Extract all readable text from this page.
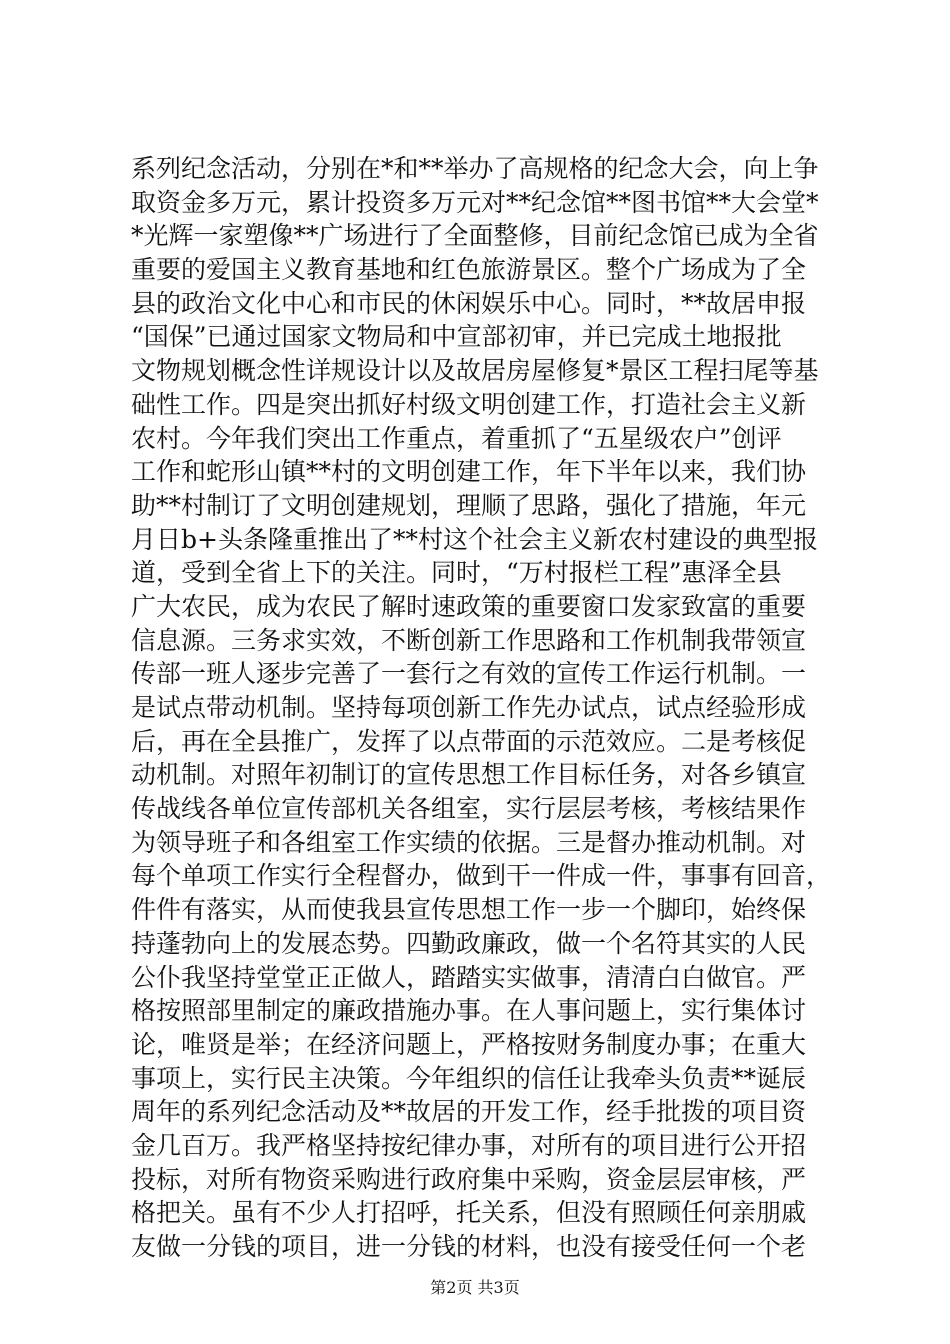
系列纪念活动，分别在*和**举办了高规格的纪念大会，向上争
取资金多万元，累计投资多万元对**纪念馆**图书馆**大会堂*
*光辉一家塑像**广场进行了全面整修，目前纪念馆已成为全省
重要的爱国主义教育基地和红色旅游景区。整个广场成为了全
县的政治文化中心和市民的休闲娱乐中心。同时，**故居申报
“国保”已通过国家文物局和中宣部初审，并已完成土地报批
文物规划概念性详规设计以及故居房屋修复*景区工程扫尾等基
础性工作。四是突出抓好村级文明创建工作，打造社会主义新
农村。今年我们突出工作重点，着重抓了“五星级农户”创评
工作和蛇形山镇**村的文明创建工作，年下半年以来，我们协
助**村制订了文明创建规划，理顺了思路，强化了措施，年元
月日b+头条隆重推出了**村这个社会主义新农村建设的典型报
道，受到全省上下的关注。同时，“万村报栏工程”惠泽全县
广大农民，成为农民了解时速政策的重要窗口发家致富的重要
信息源。三务求实效，不断创新工作思路和工作机制我带领宣
传部一班人逐步完善了一套行之有效的宣传工作运行机制。一
是试点带动机制。坚持每项创新工作先办试点，试点经验形成
后，再在全县推广，发挥了以点带面的示范效应。二是考核促
动机制。对照年初制订的宣传思想工作目标任务，对各乡镇宣
传战线各单位宣传部机关各组室，实行层层考核，考核结果作
为领导班子和各组室工作实绩的依据。三是督办推动机制。对
每个单项工作实行全程督办，做到干一件成一件，事事有回音，
件件有落实，从而使我县宣传思想工作一步一个脚印，始终保
持蓬勃向上的发展态势。四勤政廉政，做一个名符其实的人民
公仆我坚持堂堂正正做人，踏踏实实做事，清清白白做官。严
格按照部里制定的廉政措施办事。在人事问题上，实行集体讨
论，唯贤是举；在经济问题上，严格按财务制度办事；在重大
事项上，实行民主决策。今年组织的信任让我牵头负责**诞辰
周年的系列纪念活动及**故居的开发工作，经手批拨的项目资
金几百万。我严格坚持按纪律办事，对所有的项目进行公开招
投标，对所有物资采购进行政府集中采购，资金层层审核，严
格把关。虽有不少人打招呼，托关系，但没有照顾任何亲朋戚
友做一分钱的项目，进一分钱的材料，也没有接受任何一个老
第2页 共3页
